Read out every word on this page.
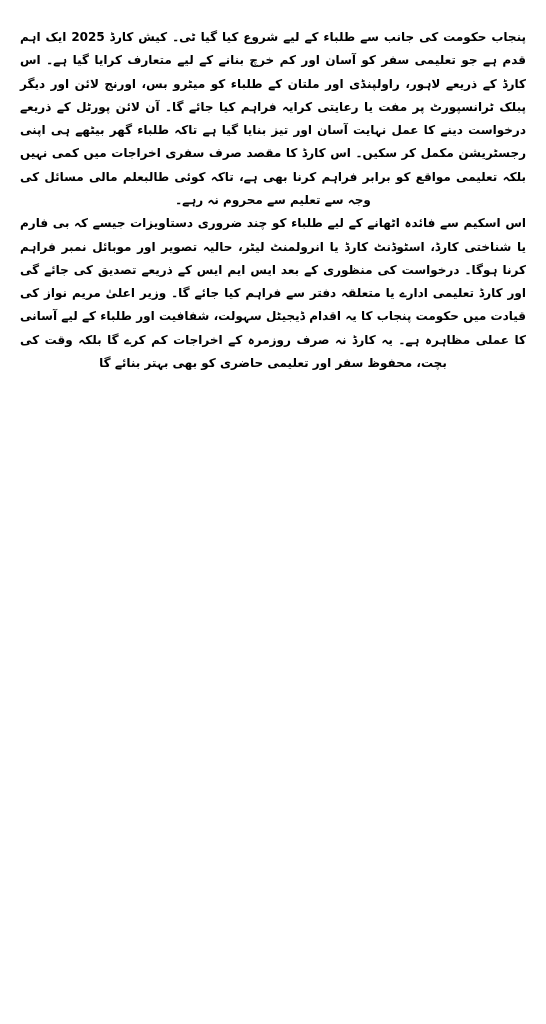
پنجاب حکومت کی جانب سے طلباء کے لیے شروع کیا گیا ٹی۔ کیش کارڈ 2025 ایک اہم قدم ہے جو تعلیمی سفر کو آسان اور کم خرچ بنانے کے لیے متعارف کرایا گیا ہے۔ اس کارڈ کے ذریعے لاہور، راولپنڈی اور ملتان کے طلباء کو میٹرو بس، اورنج لائن اور دیگر پبلک ٹرانسپورٹ پر مفت یا رعایتی کرایہ فراہم کیا جائے گا۔ آن لائن پورٹل کے ذریعے درخواست دینے کا عمل نہایت آسان اور تیز بنایا گیا ہے تاکہ طلباء گھر بیٹھے ہی اپنی رجسٹریشن مکمل کر سکیں۔ اس کارڈ کا مقصد صرف سفری اخراجات میں کمی نہیں بلکہ تعلیمی مواقع کو برابر فراہم کرنا بھی ہے، تاکہ کوئی طالبعلم مالی مسائل کی وجہ سے تعلیم سے محروم نہ رہے۔

اس اسکیم سے فائدہ اٹھانے کے لیے طلباء کو چند ضروری دستاویزات جیسے کہ بی فارم یا شناختی کارڈ، اسٹوڈنٹ کارڈ یا انرولمنٹ لیٹر، حالیہ تصویر اور موبائل نمبر فراہم کرنا ہوگا۔ درخواست کی منظوری کے بعد ایس ایم ایس کے ذریعے تصدیق کی جائے گی اور کارڈ تعلیمی ادارے یا متعلقہ دفتر سے فراہم کیا جائے گا۔ وزیر اعلیٰ مریم نواز کی قیادت میں حکومت پنجاب کا یہ اقدام ڈیجیٹل سہولت، شفافیت اور طلباء کے لیے آسانی کا عملی مظاہرہ ہے۔ یہ کارڈ نہ صرف روزمرہ کے اخراجات کم کرے گا بلکہ وقت کی بچت، محفوظ سفر اور تعلیمی حاضری کو بھی بہتر بنائے گا
